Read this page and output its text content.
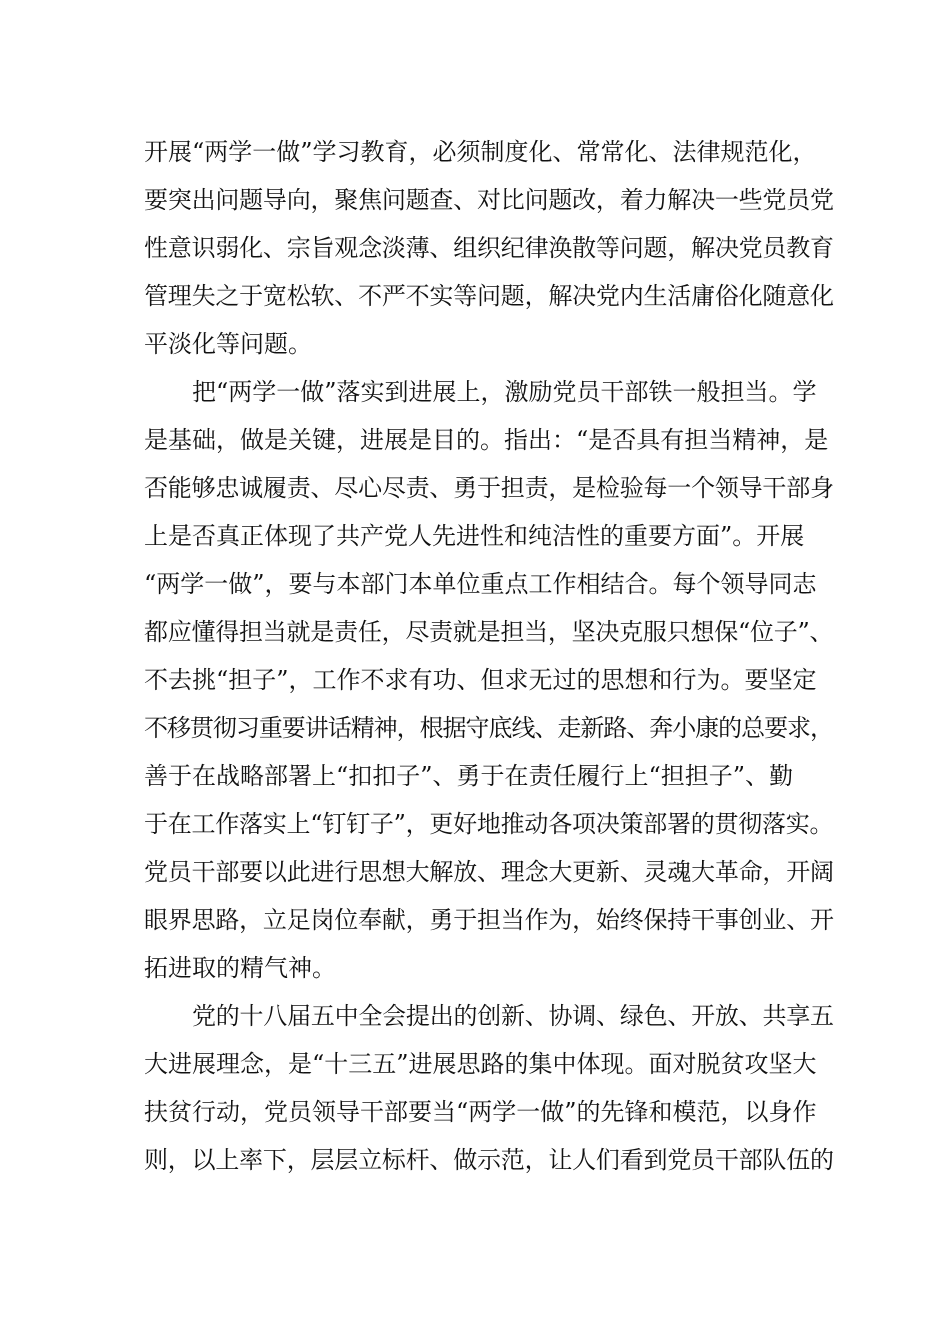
开展“两学一做”学习教育，必须制度化、常常化、法律规范化，
要突出问题导向，聚焦问题查、对比问题改，着力解决一些党员党
性意识弱化、宗旨观念淡薄、组织纪律涣散等问题，解决党员教育
管理失之于宽松软、不严不实等问题，解决党内生活庸俗化随意化
平淡化等问题。
把“两学一做”落实到进展上，激励党员干部铁一般担当。学
是基础，做是关键，进展是目的。指出：“是否具有担当精神，是
否能够忠诚履责、尽心尽责、勇于担责，是检验每一个领导干部身
上是否真正体现了共产党人先进性和纯洁性的重要方面”。开展
“两学一做”，要与本部门本单位重点工作相结合。每个领导同志
都应懂得担当就是责任，尽责就是担当，坚决克服只想保“位子”、
不去挑“担子”，工作不求有功、但求无过的思想和行为。要坚定
不移贯彻习重要讲话精神，根据守底线、走新路、奔小康的总要求，
善于在战略部署上“扣扣子”、勇于在责任履行上“担担子”、勤
于在工作落实上“钉钉子”，更好地推动各项决策部署的贯彻落实。
党员干部要以此进行思想大解放、理念大更新、灵魂大革命，开阔
眼界思路，立足岗位奉献，勇于担当作为，始终保持干事创业、开
拓进取的精气神。
党的十八届五中全会提出的创新、协调、绿色、开放、共享五
大进展理念，是“十三五”进展思路的集中体现。面对脱贫攻坚大
扶贫行动，党员领导干部要当“两学一做”的先锋和模范，以身作
则，以上率下，层层立标杆、做示范，让人们看到党员干部队伍的
